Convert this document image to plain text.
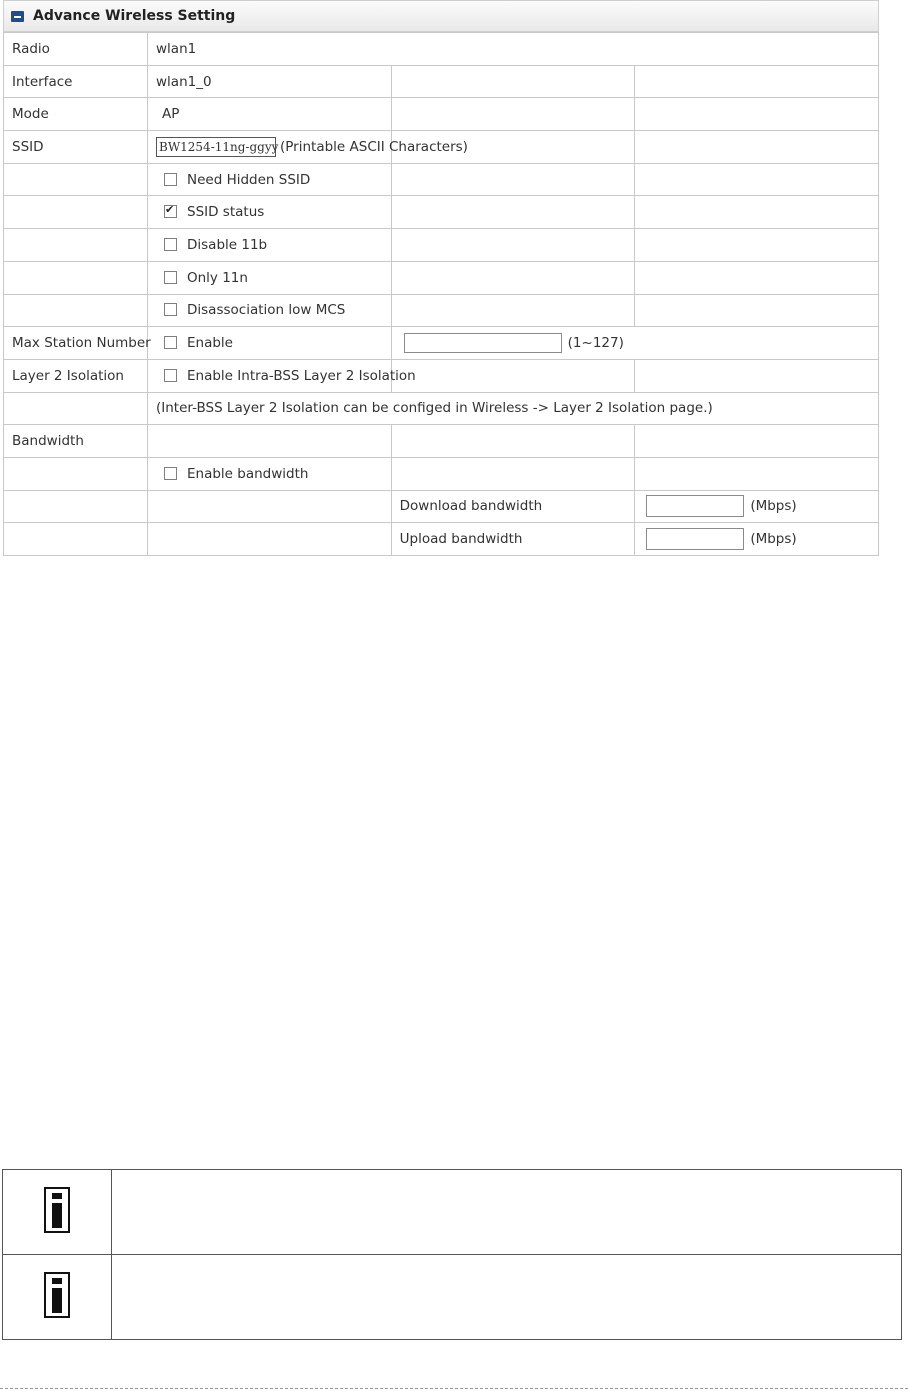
Advance Wireless Setting
Radio	wlan1		
Interface	wlan1_0		
Mode	AP		
SSID	BW1254-11ng-ggyy (Printable ASCII Characters)		
	Need Hidden SSID		
	✔SSID status		
	Disable 11b		
	Only 11n		
	Disassociation low MCS		
Max Station Number	Enable	(1~127)	
Layer 2 Isolation	Enable Intra-BSS Layer 2 Isolation		
	(Inter-BSS Layer 2 Isolation can be configed in Wireless -> Layer 2 Isolation page.)		
Bandwidth			
	Enable bandwidth		
		Download bandwidth	(Mbps)
		Upload bandwidth	(Mbps)
